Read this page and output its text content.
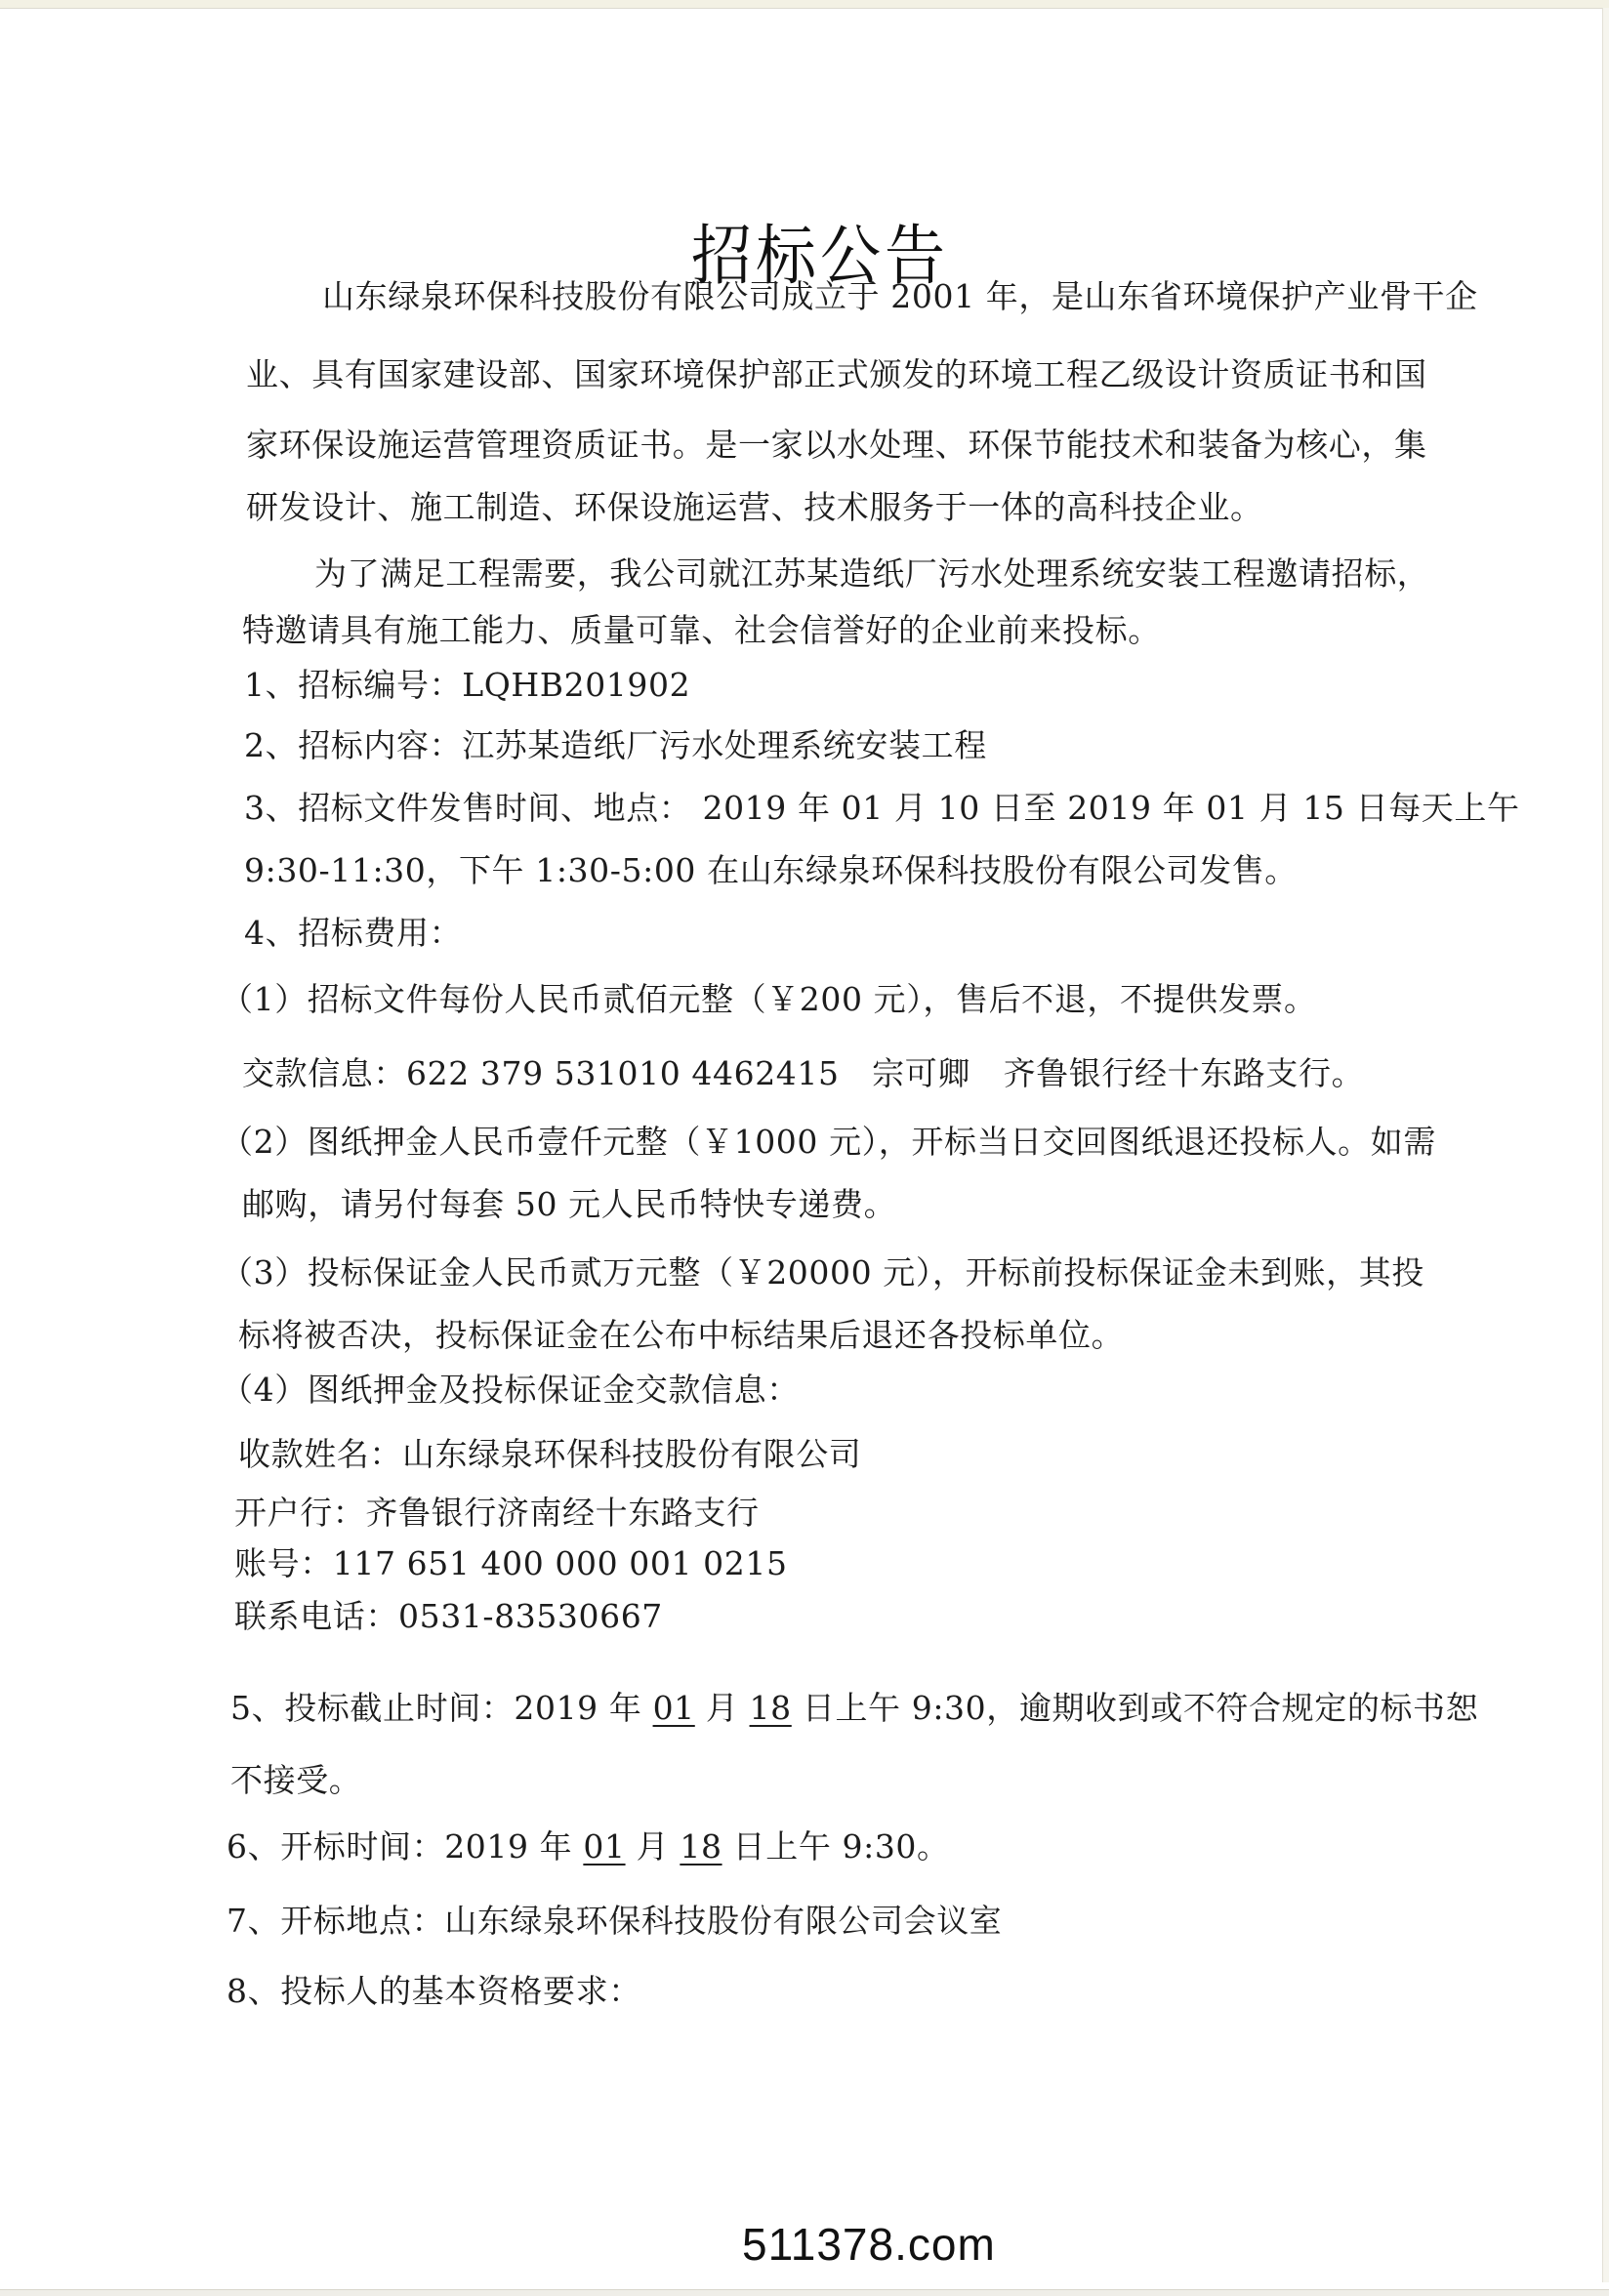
招标公告
山东绿泉环保科技股份有限公司成立于 2001 年，是山东省环境保护产业骨干企
业、具有国家建设部、国家环境保护部正式颁发的环境工程乙级设计资质证书和国
家环保设施运营管理资质证书。是一家以水处理、环保节能技术和装备为核心，集
研发设计、施工制造、环保设施运营、技术服务于一体的高科技企业。
为了满足工程需要，我公司就江苏某造纸厂污水处理系统安装工程邀请招标，
特邀请具有施工能力、质量可靠、社会信誉好的企业前来投标。
1、招标编号：LQHB201902
2、招标内容：江苏某造纸厂污水处理系统安装工程
3、招标文件发售时间、地点： 2019 年 01 月 10 日至 2019 年 01 月 15 日每天上午
9:30-11:30，下午 1:30-5:00 在山东绿泉环保科技股份有限公司发售。
4、招标费用：
（1）招标文件每份人民币贰佰元整（￥200 元），售后不退，不提供发票。
交款信息：622 379 531010 4462415　宗可卿　齐鲁银行经十东路支行。
（2）图纸押金人民币壹仟元整（￥1000 元），开标当日交回图纸退还投标人。如需
邮购，请另付每套 50 元人民币特快专递费。
（3）投标保证金人民币贰万元整（￥20000 元），开标前投标保证金未到账，其投
标将被否决，投标保证金在公布中标结果后退还各投标单位。
（4）图纸押金及投标保证金交款信息：
收款姓名：山东绿泉环保科技股份有限公司
开户行：齐鲁银行济南经十东路支行
账号：117 651 400 000 001 0215
联系电话：0531-83530667
5、投标截止时间：2019 年 01 月 18 日上午 9:30，逾期收到或不符合规定的标书恕
不接受。
6、开标时间：2019 年 01 月 18 日上午 9:30。
7、开标地点：山东绿泉环保科技股份有限公司会议室
8、投标人的基本资格要求：
511378.com
